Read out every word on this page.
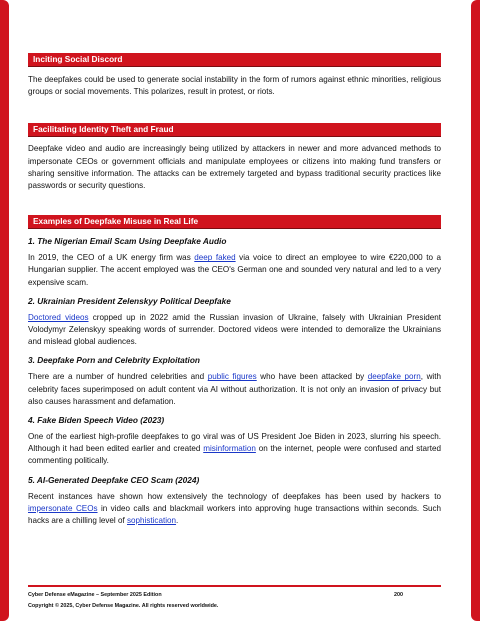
Inciting Social Discord

The deepfakes could be used to generate social instability in the form of rumors against ethnic minorities, religious groups or social movements. This polarizes, result in protest, or riots.

Facilitating Identity Theft and Fraud

Deepfake video and audio are increasingly being utilized by attackers in newer and more advanced methods to impersonate CEOs or government officials and manipulate employees or citizens into making fund transfers or sharing sensitive information. The attacks can be extremely targeted and bypass traditional security practices like passwords or security questions.

Examples of Deepfake Misuse in Real Life

1. The Nigerian Email Scam Using Deepfake Audio

In 2019, the CEO of a UK energy firm was deep faked via voice to direct an employee to wire €220,000 to a Hungarian supplier. The accent employed was the CEO's German one and sounded very natural and led to a very expensive scam.

2. Ukrainian President Zelenskyy Political Deepfake

Doctored videos cropped up in 2022 amid the Russian invasion of Ukraine, falsely with Ukrainian President Volodymyr Zelenskyy speaking words of surrender. Doctored videos were intended to demoralize the Ukrainians and mislead global audiences.

3. Deepfake Porn and Celebrity Exploitation

There are a number of hundred celebrities and public figures who have been attacked by deepfake porn, with celebrity faces superimposed on adult content via AI without authorization. It is not only an invasion of privacy but also causes harassment and defamation.

4. Fake Biden Speech Video (2023)

One of the earliest high-profile deepfakes to go viral was of US President Joe Biden in 2023, slurring his speech. Although it had been edited earlier and created misinformation on the internet, people were confused and started commenting politically.

5. AI-Generated Deepfake CEO Scam (2024)

Recent instances have shown how extensively the technology of deepfakes has been used by hackers to impersonate CEOs in video calls and blackmail workers into approving huge transactions within seconds. Such hacks are a chilling level of sophistication.

Cyber Defense eMagazine – September 2025 Edition	200
Copyright © 2025, Cyber Defense Magazine. All rights reserved worldwide.
